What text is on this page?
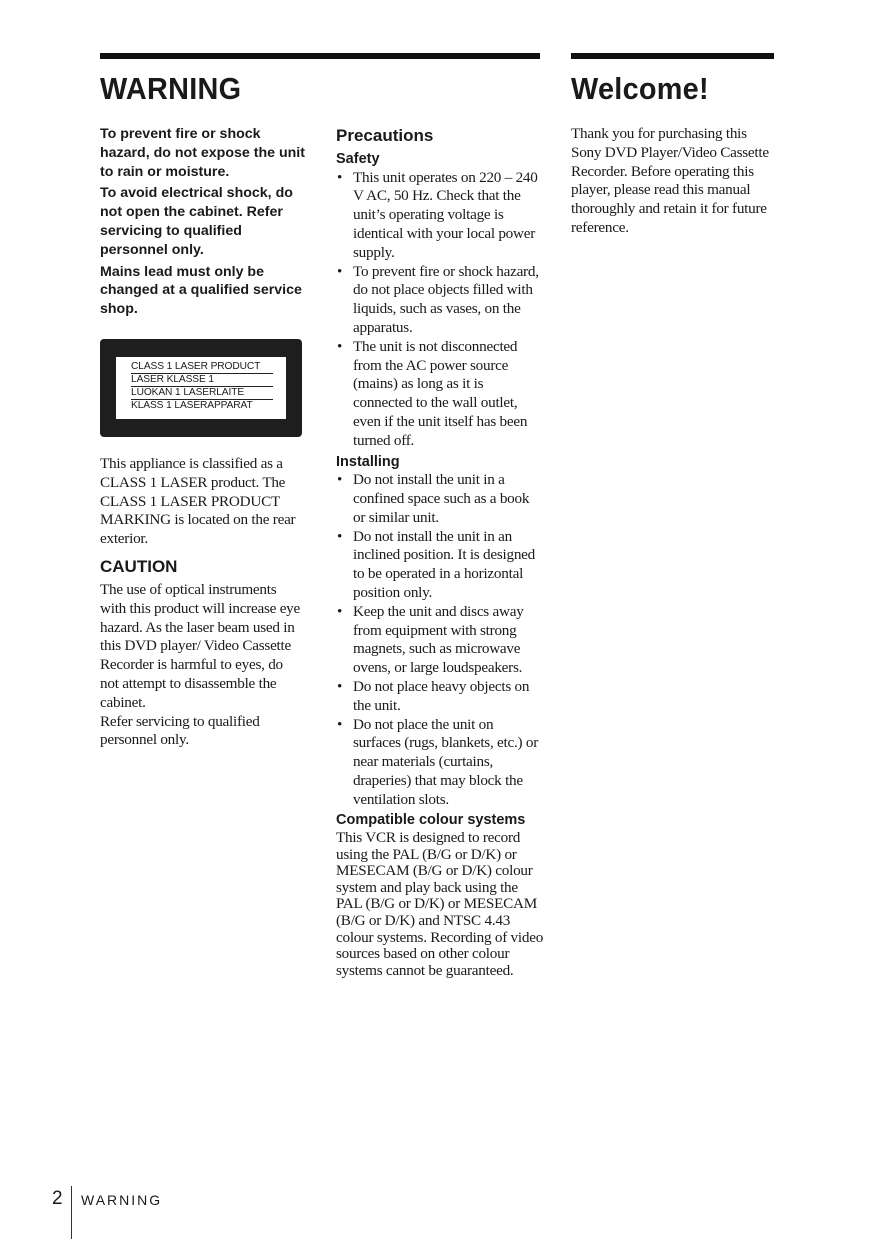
WARNING

To prevent fire or shock hazard, do not expose the unit to rain or moisture.

To avoid electrical shock, do not open the cabinet. Refer servicing to qualified personnel only.

Mains lead must only be changed at a qualified service shop.

CLASS 1 LASER PRODUCT
LASER KLASSE 1
LUOKAN 1 LASERLAITE
KLASS 1 LASERAPPARAT

This appliance is classified as a CLASS 1 LASER product. The CLASS 1 LASER PRODUCT MARKING is located on the rear exterior.

CAUTION

The use of optical instruments with this product will increase eye hazard. As the laser beam used in this DVD player/ Video Cassette Recorder is harmful to eyes, do not attempt to disassemble the cabinet.

Refer servicing to qualified personnel only.

Precautions
Safety
• This unit operates on 220 – 240 V AC, 50 Hz. Check that the unit’s operating voltage is identical with your local power supply.
• To prevent fire or shock hazard, do not place objects filled with liquids, such as vases, on the apparatus.
• The unit is not disconnected from the AC power source (mains) as long as it is connected to the wall outlet, even if the unit itself has been turned off.
Installing
• Do not install the unit in a confined space such as a book or similar unit.
• Do not install the unit in an inclined position. It is designed to be operated in a horizontal position only.
• Keep the unit and discs away from equipment with strong magnets, such as microwave ovens, or large loudspeakers.
• Do not place heavy objects on the unit.
• Do not place the unit on surfaces (rugs, blankets, etc.) or near materials (curtains, draperies) that may block the ventilation slots.
Compatible colour systems

This VCR is designed to record using the PAL (B/G or D/K) or MESECAM (B/G or D/K) colour system and play back using the PAL (B/G or D/K) or MESECAM (B/G or D/K) and NTSC 4.43 colour systems. Recording of video sources based on other colour systems cannot be guaranteed.

Welcome!

Thank you for purchasing this Sony DVD Player/Video Cassette Recorder. Before operating this player, please read this manual thoroughly and retain it for future reference.

2 WARNING
